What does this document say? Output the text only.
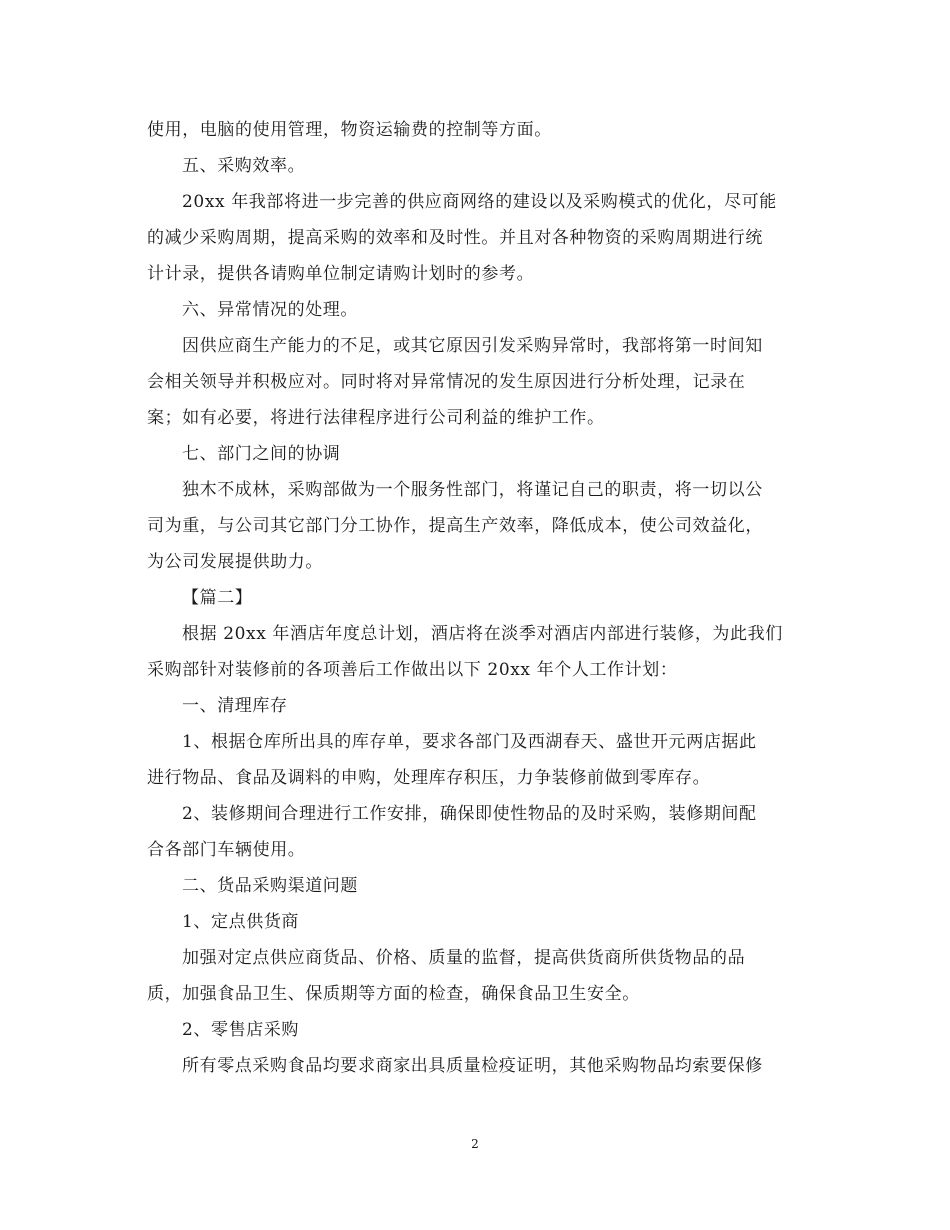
使用，电脑的使用管理，物资运输费的控制等方面。
五、采购效率。
20xx 年我部将进一步完善的供应商网络的建设以及采购模式的优化，尽可能
的减少采购周期，提高采购的效率和及时性。并且对各种物资的采购周期进行统
计计录，提供各请购单位制定请购计划时的参考。
六、异常情况的处理。
因供应商生产能力的不足，或其它原因引发采购异常时，我部将第一时间知
会相关领导并积极应对。同时将对异常情况的发生原因进行分析处理，记录在
案；如有必要，将进行法律程序进行公司利益的维护工作。
七、部门之间的协调
独木不成林，采购部做为一个服务性部门，将谨记自己的职责，将一切以公
司为重，与公司其它部门分工协作，提高生产效率，降低成本，使公司效益化，
为公司发展提供助力。
【篇二】
根据 20xx 年酒店年度总计划，酒店将在淡季对酒店内部进行装修，为此我们
采购部针对装修前的各项善后工作做出以下 20xx 年个人工作计划：
一、清理库存
1、根据仓库所出具的库存单，要求各部门及西湖春天、盛世开元两店据此
进行物品、食品及调料的申购，处理库存积压，力争装修前做到零库存。
2、装修期间合理进行工作安排，确保即使性物品的及时采购，装修期间配
合各部门车辆使用。
二、货品采购渠道问题
1、定点供货商
加强对定点供应商货品、价格、质量的监督，提高供货商所供货物品的品
质，加强食品卫生、保质期等方面的检查，确保食品卫生安全。
2、零售店采购
所有零点采购食品均要求商家出具质量检疫证明，其他采购物品均索要保修
2
